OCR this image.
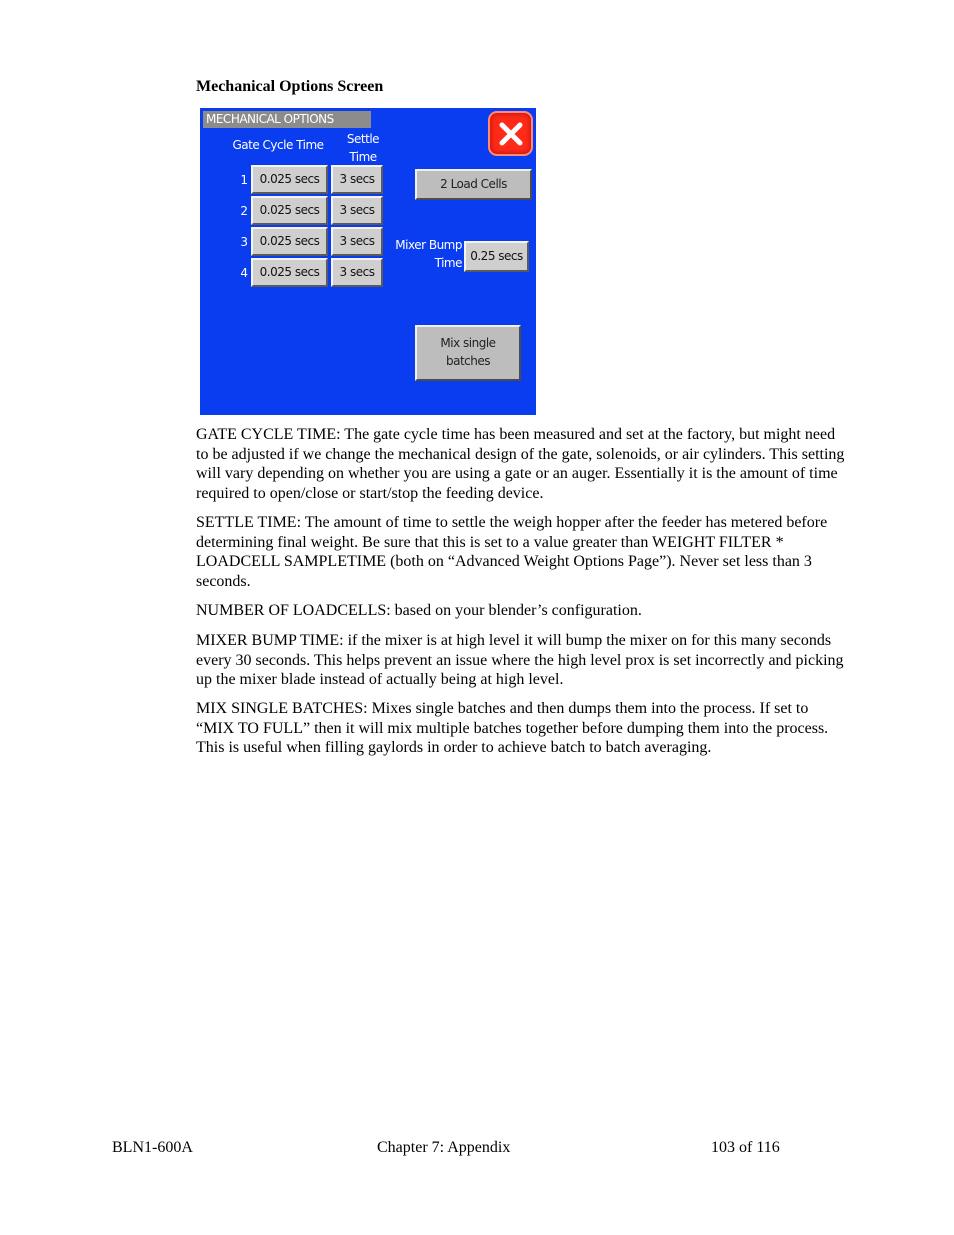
Mechanical Options Screen
MECHANICAL OPTIONS
Gate Cycle Time	Settle Time
1 0.025 secs	3 secs
2 0.025 secs	3 secs
3 0.025 secs	3 secs
4 0.025 secs	3 secs
2 Load Cells
Mixer Bump Time 0.25 secs
Mix single batches

GATE CYCLE TIME: The gate cycle time has been measured and set at the factory, but might need to be adjusted if we change the mechanical design of the gate, solenoids, or air cylinders. This setting will vary depending on whether you are using a gate or an auger. Essentially it is the amount of time required to open/close or start/stop the feeding device.

SETTLE TIME: The amount of time to settle the weigh hopper after the feeder has metered before determining final weight. Be sure that this is set to a value greater than WEIGHT FILTER * LOADCELL SAMPLETIME (both on “Advanced Weight Options Page”). Never set less than 3 seconds.

NUMBER OF LOADCELLS: based on your blender’s configuration.

MIXER BUMP TIME: if the mixer is at high level it will bump the mixer on for this many seconds every 30 seconds. This helps prevent an issue where the high level prox is set incorrectly and picking up the mixer blade instead of actually being at high level.

MIX SINGLE BATCHES: Mixes single batches and then dumps them into the process. If set to “MIX TO FULL” then it will mix multiple batches together before dumping them into the process. This is useful when filling gaylords in order to achieve batch to batch averaging.

BLN1-600A	Chapter 7: Appendix	103 of 116
